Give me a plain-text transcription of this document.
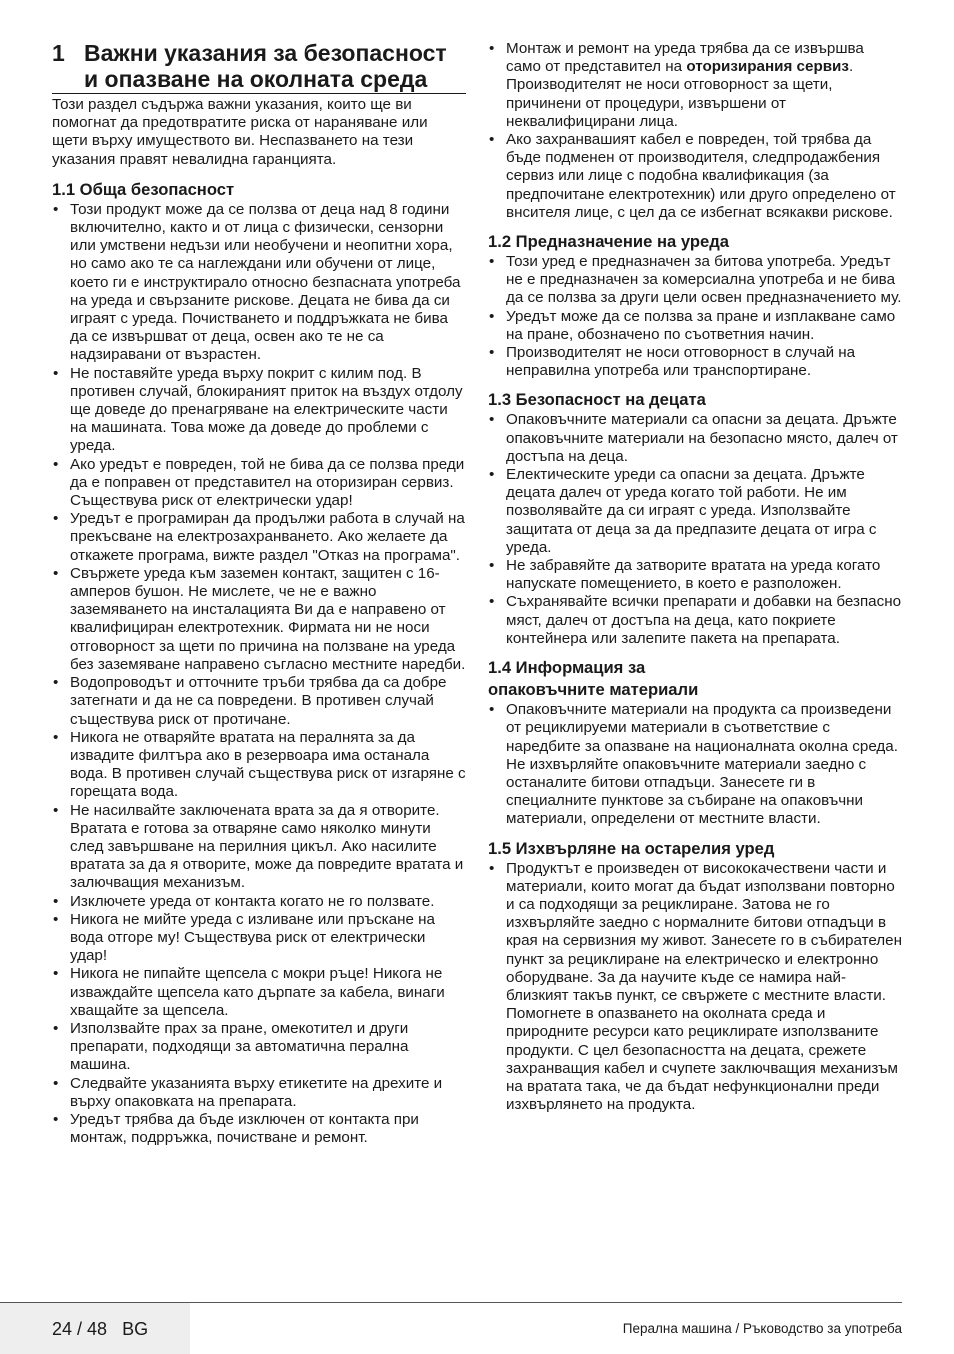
1 Важни указания за безопасност и опазване на околната среда

Този раздел съдържа важни указания, които ще ви помогнат да предотвратите риска от нараняване или щети върху имуществото ви. Неспазването на тези указания правят невалидна гаранцията.

1.1 Обща безопасност
• Този продукт може да се ползва от деца над 8 години включително, както и от лица с физически, сензорни или умствени недъзи или необучени и неопитни хора, но само ако те са наглеждани или обучени от лице, което ги е инструктирало относно безпасната употреба на уреда и свързаните рискове. Децата не бива да си играят с уреда. Почистването и поддръжката не бива да се извършват от деца, освен ако те не са надзиравани от възрастен.
• Не поставяйте уреда върху покрит с килим под. В противен случай, блокираният приток на въздух отдолу ще доведе до пренагряване на електрическите части на машината. Това може да доведе до проблеми с уреда.
• Ако уредът е повреден, той не бива да се ползва преди да е поправен от представител на оторизиран сервиз. Съществува риск от електрически удар!
• Уредът е програмиран да продължи работа в случай на прекъсване на електрозахранването. Ако желаете да откажете програма, вижте раздел "Отказ на програма".
• Свържете уреда към заземен контакт, защитен с 16-амперов бушон. Не мислете, че не е важно заземяването на инсталацията Ви да е направено от квалифициран електротехник. Фирмата ни не носи отговорност за щети по причина на ползване на уреда без заземяване направено съгласно местните наредби.
• Водопроводът и отточните тръби трябва да са добре затегнати и да не са повредени. В противен случай съществува риск от протичане.
• Никога не отваряйте вратата на пералнята за да извадите филтъра ако в резервоара има останала вода. В противен случай съществува риск от изгаряне с горещата вода.
• Не насилвайте заключената врата за да я отворите. Вратата е готова за отваряне само няколко минути след завършване на перилния цикъл. Ако насилите вратата за да я отворите, може да повредите вратата и залючващия механизъм.
• Изключете уреда от контакта когато не го ползвате.
• Никога не мийте уреда с изливане или пръскане на вода отгоре му! Съществува риск от електрически удар!
• Никога не пипайте щепсела с мокри ръце! Никога не изваждайте щепсела като дърпате за кабела, винаги хващайте за щепсела.
• Използвайте прах за пране, омекотител и други препарати, подходящи за автоматична перална машина.
• Следвайте указанията върху етикетите на дрехите и върху опаковката на препарата.
• Уредът трябва да бъде изключен от контакта при монтаж, подрръжка, почистване и ремонт.
• Монтаж и ремонт на уреда трябва да се извършва само от представител на оторизирания сервиз. Производителят не носи отговорност за щети, причинени от процедури, извършени от неквалифицирани лица.
• Ако захранвашият кабел е повреден, той трябва да бъде подменен от производителя, следпродажбения сервиз или лице с подобна квалификация (за предпочитане електротехник) или друго определено от внсителя лице, с цел да се избегнат всякакви рискове.
1.2 Предназначение на уреда
• Този уред е предназначен за битова употреба. Уредът не е предназначен за комерсиална употреба и не бива да се ползва за други цели освен предназначението му.
• Уредът може да се ползва за пране и изплакване само на пране, обозначено по съответния начин.
• Производителят не носи отговорност в случай на неправилна употреба или транспортиране.
1.3 Безопасност на децата
• Опаковъчните материали са опасни за децата. Дръжте опаковъчните материали на безопасно място, далеч от достъпа на деца.
• Електическите уреди са опасни за децата. Дръжте децата далеч от уреда когато той работи. Не им позволявайте да си играят с уреда. Използвайте защитата от деца за да предпазите децата от игра с уреда.
• Не забравяйте да затворите вратата на уреда когато напускате помещението, в което е разположен.
• Съхранявайте всички препарати и добавки на безпасно мяст, далеч от достъпа на деца, като покриете контейнера или залепите пакета на препарата.
1.4 Информация за
опаковъчните материали
• Опаковъчните материали на продукта са произведени от рециклируеми материали в съответствие с наредбите за опазване на националната околна среда. Не изхвърляйте опаковъчните материали заедно с останалите битови отпадъци. Занесете ги в специалните пунктове за събиране на опаковъчни материали, определени от местните власти.
1.5 Изхвърляне на остарелия уред
• Продуктът е произведен от висококачествени части и материали, които могат да бъдат използвани повторно и са подходящи за рециклиране. Затова не го изхвърляйте заедно с нормалните битови отпадъци в края на сервизния му живот. Занесете го в събирателен пункт за рециклиране на електрическо и електронно оборудване. За да научите къде се намира най-близкият такъв пункт, се свържете с местните власти. Помогнете в опазването на околната среда и природните ресурси като рециклирате използваните продукти. С цел безопасността на децата, срежете захранващия кабел и счупете заключващия механизъм на вратата така, че да бъдат нефункционални преди изхвърлянето на продукта.
24 / 48 BG	Перална машина / Ръководство за употреба
